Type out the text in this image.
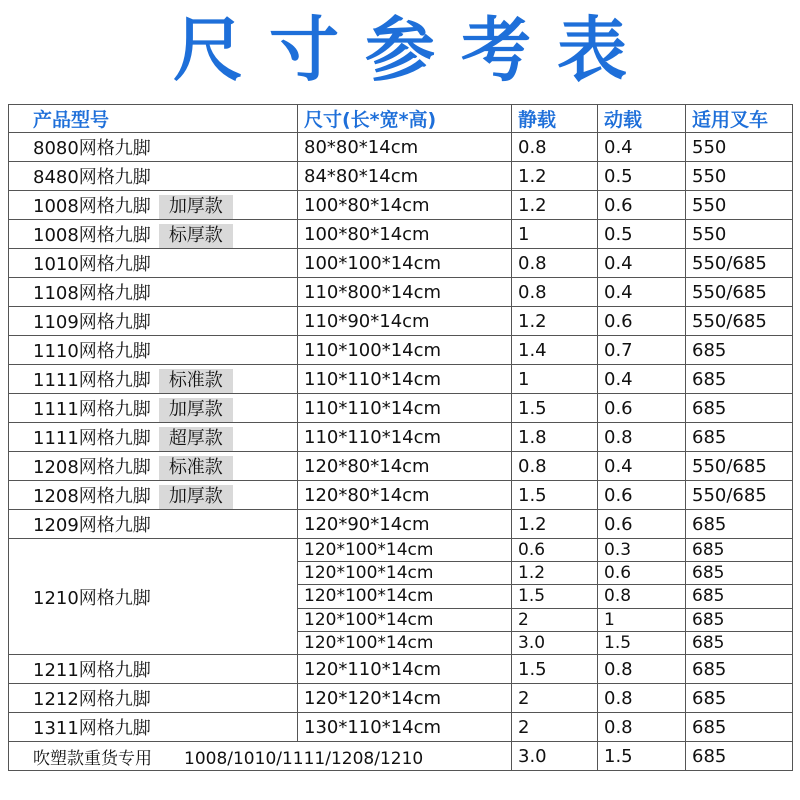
尺寸参考表
产品型号	尺寸(长*宽*高)	静载	动载	适用叉车
8080网格九脚	80*80*14cm	0.8	0.4	550
8480网格九脚	84*80*14cm	1.2	0.5	550
1008网格九脚 加厚款	100*80*14cm	1.2	0.6	550
1008网格九脚 标厚款	100*80*14cm	1	0.5	550
1010网格九脚	100*100*14cm	0.8	0.4	550/685
1108网格九脚	110*800*14cm	0.8	0.4	550/685
1109网格九脚	110*90*14cm	1.2	0.6	550/685
1110网格九脚	110*100*14cm	1.4	0.7	685
1111网格九脚 标准款	110*110*14cm	1	0.4	685
1111网格九脚 加厚款	110*110*14cm	1.5	0.6	685
1111网格九脚 超厚款	110*110*14cm	1.8	0.8	685
1208网格九脚 标准款	120*80*14cm	0.8	0.4	550/685
1208网格九脚 加厚款	120*80*14cm	1.5	0.6	550/685
1209网格九脚	120*90*14cm	1.2	0.6	685
1210网格九脚	120*100*14cm	0.6	0.3	685
	120*100*14cm	1.2	0.6	685
	120*100*14cm	1.5	0.8	685
	120*100*14cm	2	1	685
	120*100*14cm	3.0	1.5	685
1211网格九脚	120*110*14cm	1.5	0.8	685
1212网格九脚	120*120*14cm	2	0.8	685
1311网格九脚	130*110*14cm	2	0.8	685
吹塑款重货专用 1008/1010/1111/1208/1210		3.0	1.5	685
